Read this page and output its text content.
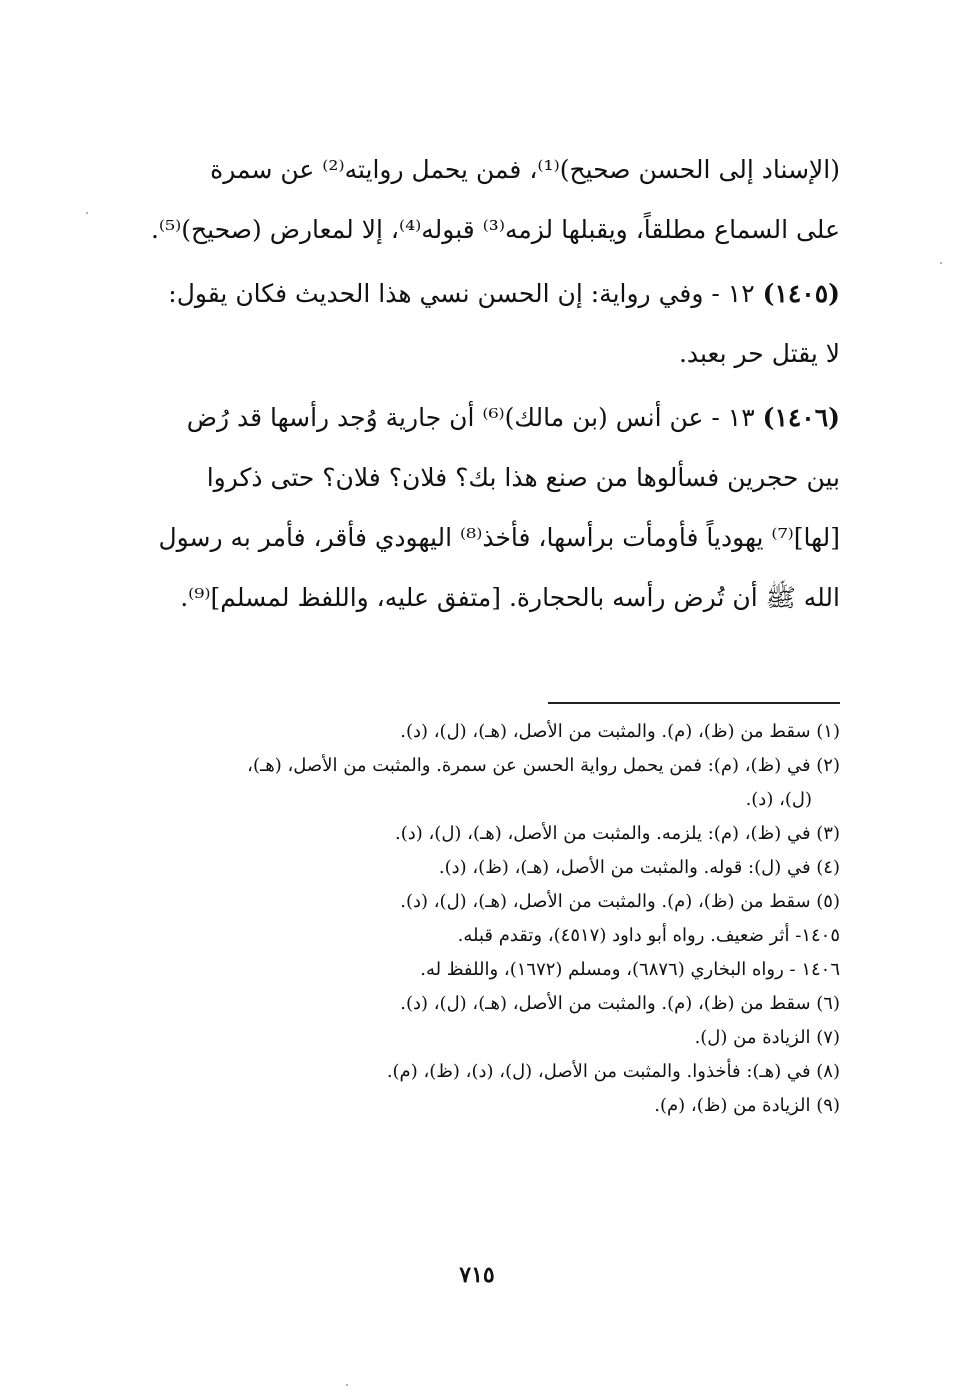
(الإسناد إلى الحسن صحيح)⁽¹⁾، فمن يحمل روايته⁽²⁾ عن سمرة
على السماع مطلقاً، ويقبلها لزمه⁽³⁾ قبوله⁽⁴⁾، إلا لمعارض (صحيح)⁽⁵⁾.

(١٤٠٥) ١٢ - وفي رواية: إن الحسن نسي هذا الحديث فكان يقول:
لا يقتل حر بعبد.

(١٤٠٦) ١٣ - عن أنس (بن مالك)⁽⁶⁾ أن جارية وُجد رأسها قد رُض
بين حجرين فسألوها من صنع هذا بك؟ فلان؟ فلان؟ حتى ذكروا
[لها]⁽⁷⁾ يهودياً فأومأت برأسها، فأخذ⁽⁸⁾ اليهودي فأقر، فأمر به رسول
الله ﷺ أن تُرض رأسه بالحجارة. [متفق عليه، واللفظ لمسلم]⁽⁹⁾.

(١) سقط من (ظ)، (م). والمثبت من الأصل، (هـ)، (ل)، (د).

(٢) في (ظ)، (م): فمن يحمل رواية الحسن عن سمرة. والمثبت من الأصل، (هـ)،

(ل)، (د).

(٣) في (ظ)، (م): يلزمه. والمثبت من الأصل، (هـ)، (ل)، (د).

(٤) في (ل): قوله. والمثبت من الأصل، (هـ)، (ظ)، (د).

(٥) سقط من (ظ)، (م). والمثبت من الأصل، (هـ)، (ل)، (د).

١٤٠٥- أثر ضعيف. رواه أبو داود (٤٥١٧)، وتقدم قبله.

١٤٠٦ - رواه البخاري (٦٨٧٦)، ومسلم (١٦٧٢)، واللفظ له.

(٦) سقط من (ظ)، (م). والمثبت من الأصل، (هـ)، (ل)، (د).

(٧) الزيادة من (ل).

(٨) في (هـ): فأخذوا. والمثبت من الأصل، (ل)، (د)، (ظ)، (م).

(٩) الزيادة من (ظ)، (م).

٧١٥
